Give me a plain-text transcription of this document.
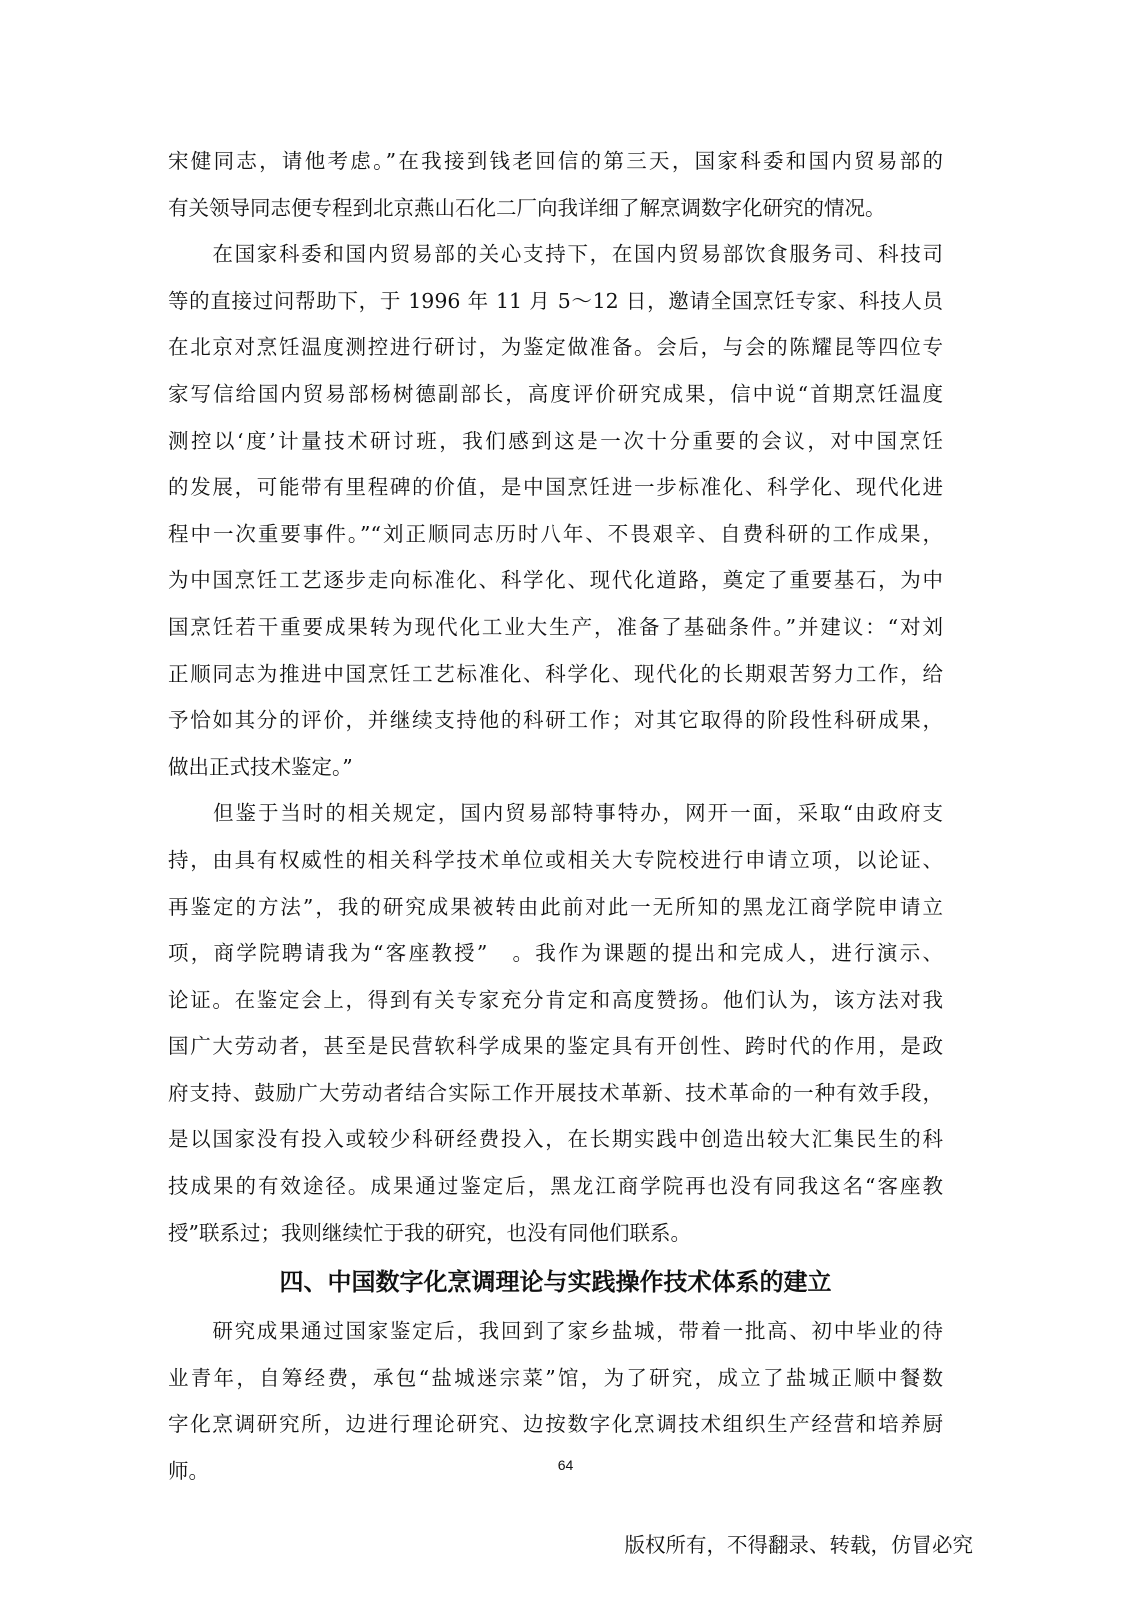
宋健同志，请他考虑。”在我接到钱老回信的第三天，国家科委和国内贸易部的
有关领导同志便专程到北京燕山石化二厂向我详细了解烹调数字化研究的情况。
　　在国家科委和国内贸易部的关心支持下，在国内贸易部饮食服务司、科技司
等的直接过问帮助下，于 1996 年 11 月 5～12 日，邀请全国烹饪专家、科技人员
在北京对烹饪温度测控进行研讨，为鉴定做准备。会后，与会的陈耀昆等四位专
家写信给国内贸易部杨树德副部长，高度评价研究成果，信中说“首期烹饪温度
测控以‘度’计量技术研讨班，我们感到这是一次十分重要的会议，对中国烹饪
的发展，可能带有里程碑的价值，是中国烹饪进一步标准化、科学化、现代化进
程中一次重要事件。”“刘正顺同志历时八年、不畏艰辛、自费科研的工作成果，
为中国烹饪工艺逐步走向标准化、科学化、现代化道路，奠定了重要基石，为中
国烹饪若干重要成果转为现代化工业大生产，准备了基础条件。”并建议：“对刘
正顺同志为推进中国烹饪工艺标准化、科学化、现代化的长期艰苦努力工作，给
予恰如其分的评价，并继续支持他的科研工作；对其它取得的阶段性科研成果，
做出正式技术鉴定。”
　　但鉴于当时的相关规定，国内贸易部特事特办，网开一面，采取“由政府支
持，由具有权威性的相关科学技术单位或相关大专院校进行申请立项，以论证、
再鉴定的方法”，我的研究成果被转由此前对此一无所知的黑龙江商学院申请立
项，商学院聘请我为“客座教授”　。我作为课题的提出和完成人，进行演示、
论证。在鉴定会上，得到有关专家充分肯定和高度赞扬。他们认为，该方法对我
国广大劳动者，甚至是民营软科学成果的鉴定具有开创性、跨时代的作用，是政
府支持、鼓励广大劳动者结合实际工作开展技术革新、技术革命的一种有效手段，
是以国家没有投入或较少科研经费投入，在长期实践中创造出较大汇集民生的科
技成果的有效途径。成果通过鉴定后，黑龙江商学院再也没有同我这名“客座教
授”联系过；我则继续忙于我的研究，也没有同他们联系。
四、中国数字化烹调理论与实践操作技术体系的建立
　　研究成果通过国家鉴定后，我回到了家乡盐城，带着一批高、初中毕业的待
业青年，自筹经费，承包“盐城迷宗菜”馆，为了研究，成立了盐城正顺中餐数
字化烹调研究所，边进行理论研究、边按数字化烹调技术组织生产经营和培养厨
师。	64
版权所有，不得翻录、转载，仿冒必究
